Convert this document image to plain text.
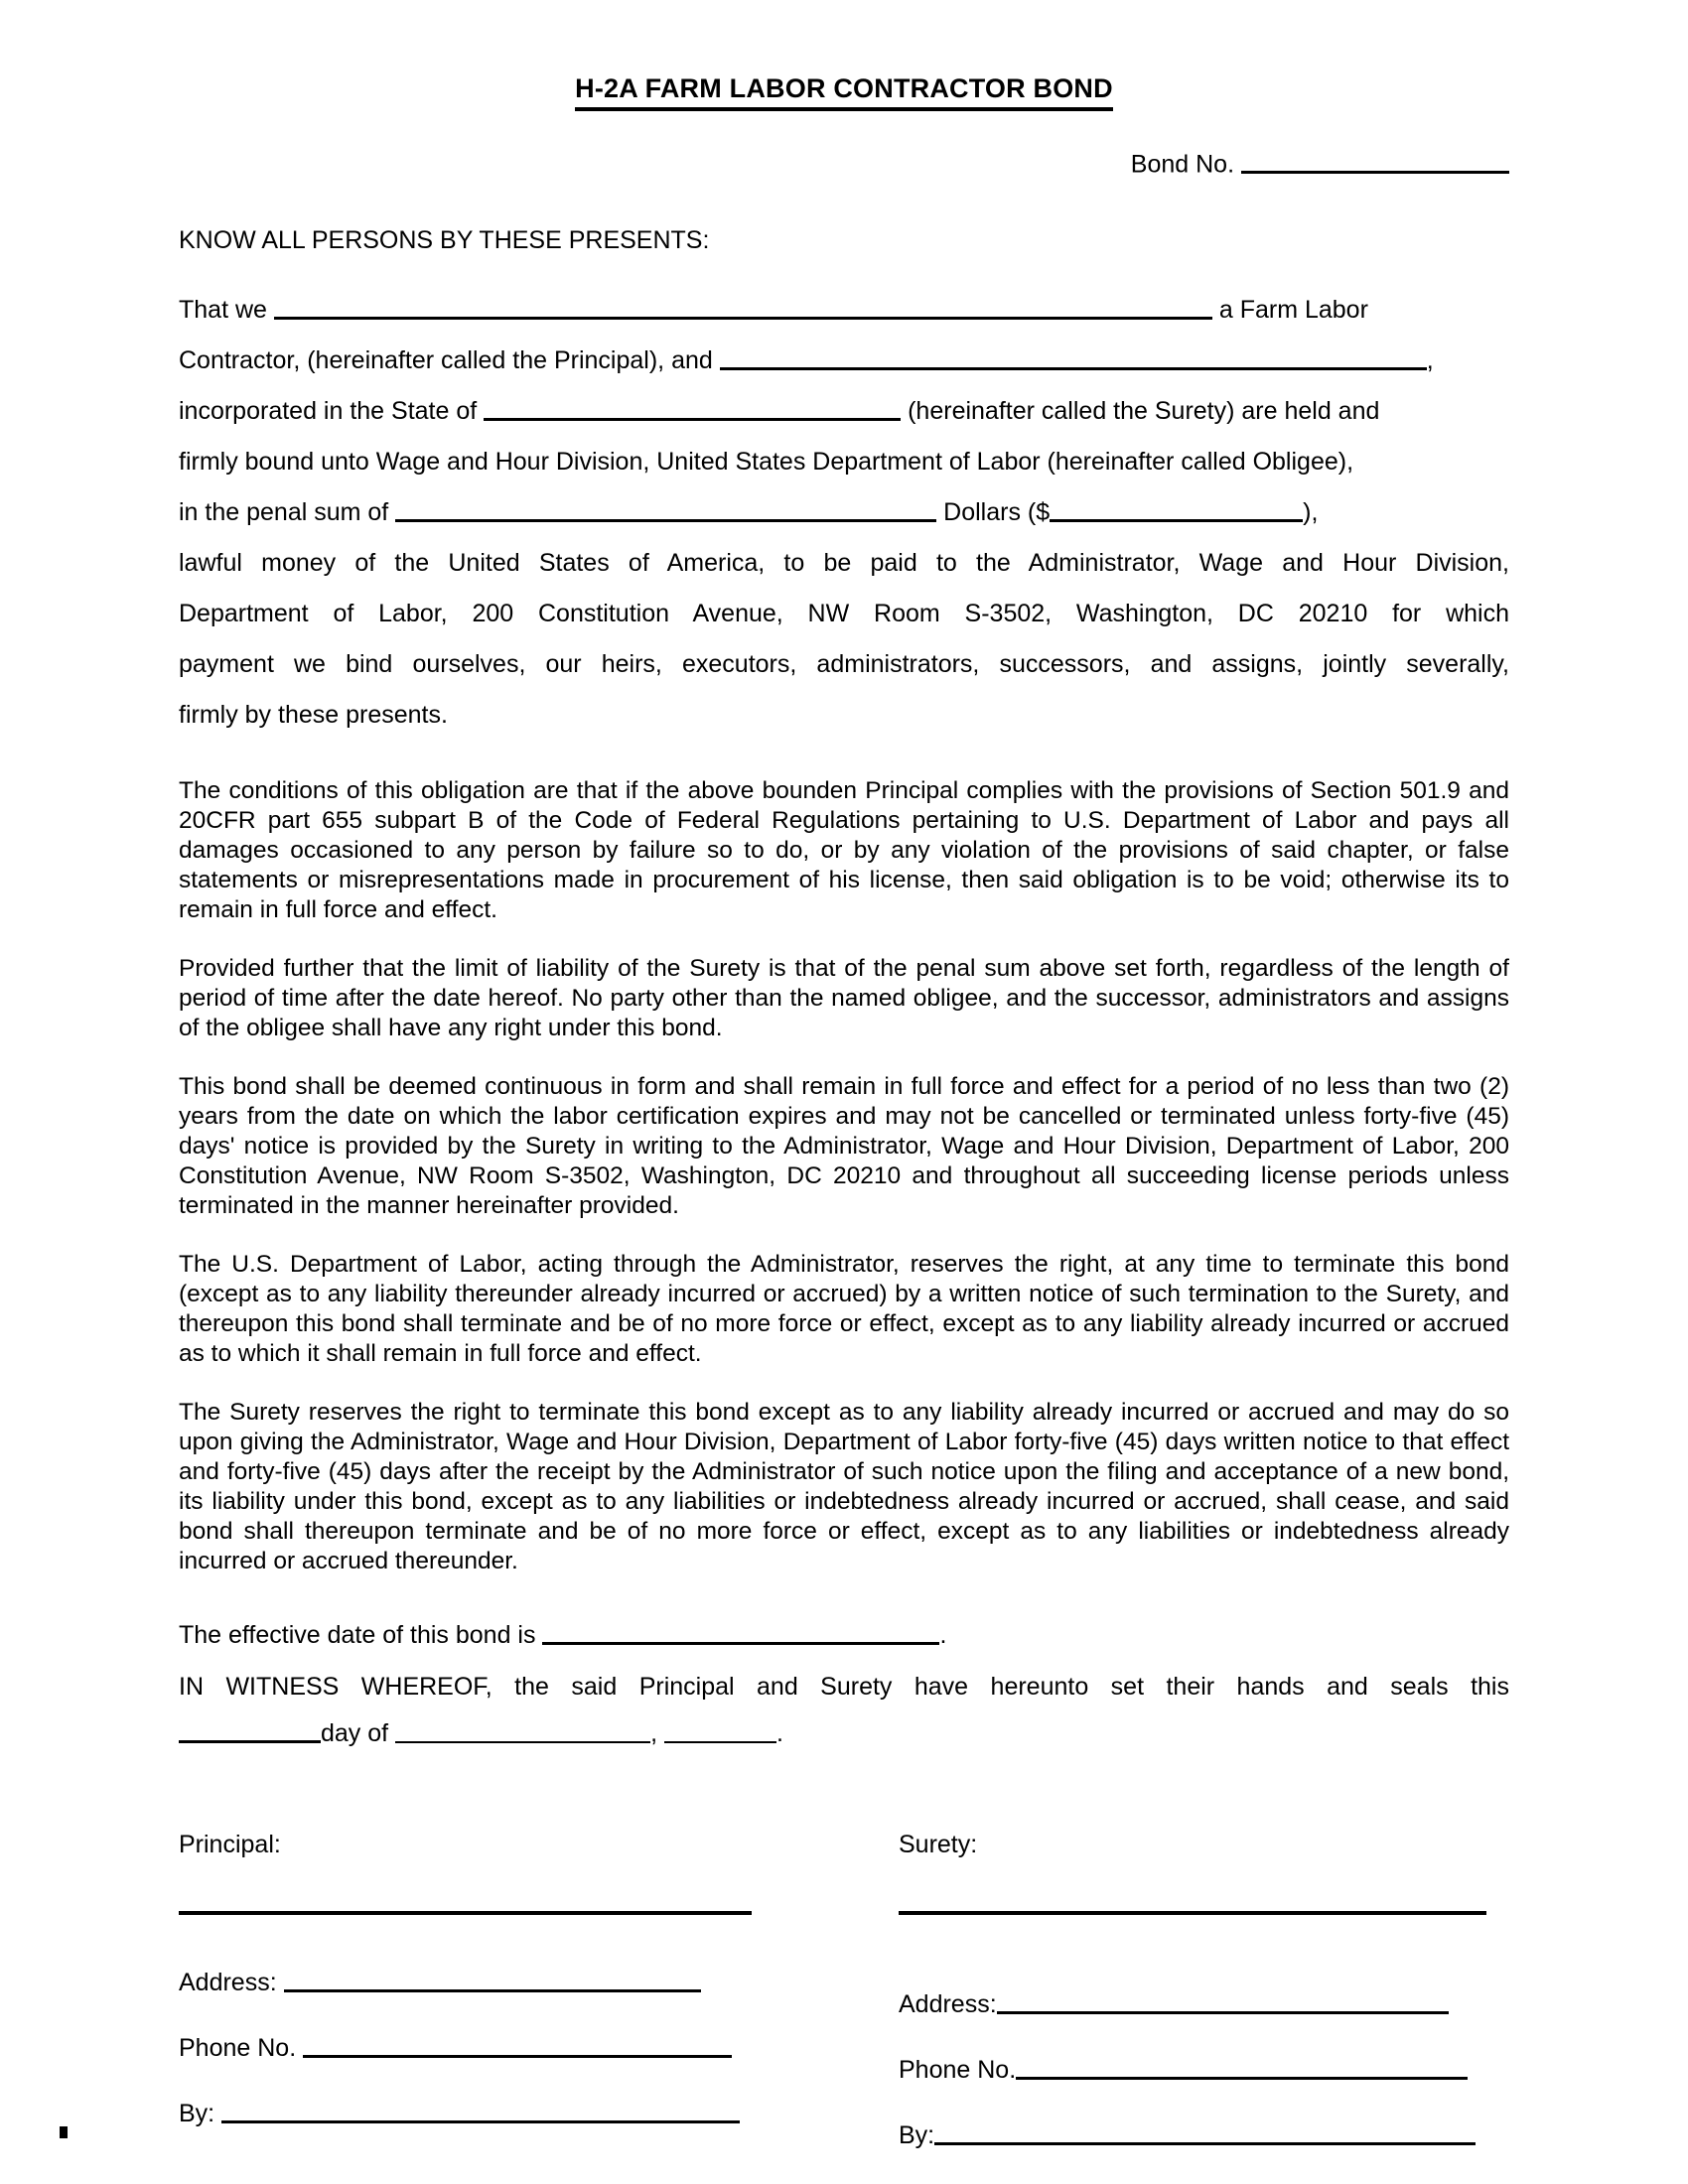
H-2A FARM LABOR CONTRACTOR BOND
Bond No.
KNOW ALL PERSONS BY THESE PRESENTS:
That we	a Farm Labor
Contractor, (hereinafter called the Principal), and	,
incorporated in the State of	(hereinafter called the Surety) are held and
firmly bound unto Wage and Hour Division, United States Department of Labor (hereinafter called Obligee),
in the penal sum of	Dollars ($	),
lawful money of the United States of America, to be paid to the Administrator, Wage and Hour Division,
Department of Labor, 200 Constitution Avenue, NW Room S-3502, Washington, DC 20210 for which
payment we bind ourselves, our heirs, executors, administrators, successors, and assigns, jointly severally,
firmly by these presents.

The conditions of this obligation are that if the above bounden Principal complies with the provisions of Section 501.9 and 20CFR part 655 subpart B of the Code of Federal Regulations pertaining to U.S. Department of Labor and pays all damages occasioned to any person by failure so to do, or by any violation of the provisions of said chapter, or false statements or misrepresentations made in procurement of his license, then said obligation is to be void; otherwise its to remain in full force and effect.

Provided further that the limit of liability of the Surety is that of the penal sum above set forth, regardless of the length of period of time after the date hereof. No party other than the named obligee, and the successor, administrators and assigns of the obligee shall have any right under this bond.

This bond shall be deemed continuous in form and shall remain in full force and effect for a period of no less than two (2) years from the date on which the labor certification expires and may not be cancelled or terminated unless forty-five (45) days' notice is provided by the Surety in writing to the Administrator, Wage and Hour Division, Department of Labor, 200 Constitution Avenue, NW Room S-3502, Washington, DC 20210 and throughout all succeeding license periods unless terminated in the manner hereinafter provided.

The U.S. Department of Labor, acting through the Administrator, reserves the right, at any time to terminate this bond (except as to any liability thereunder already incurred or accrued) by a written notice of such termination to the Surety, and thereupon this bond shall terminate and be of no more force or effect, except as to any liability already incurred or accrued as to which it shall remain in full force and effect.

The Surety reserves the right to terminate this bond except as to any liability already incurred or accrued and may do so upon giving the Administrator, Wage and Hour Division, Department of Labor forty-five (45) days written notice to that effect and forty-five (45) days after the receipt by the Administrator of such notice upon the filing and acceptance of a new bond, its liability under this bond, except as to any liabilities or indebtedness already incurred or accrued, shall cease, and said bond shall thereupon terminate and be of no more force or effect, except as to any liabilities or indebtedness already incurred or accrued thereunder.

The effective date of this bond is	.
IN WITNESS WHEREOF, the said Principal and Surety have hereunto set their hands and seals this
day of	,	.
Principal:
Address:
Phone No.
By:
Surety:
Address:
Phone No.
By:
